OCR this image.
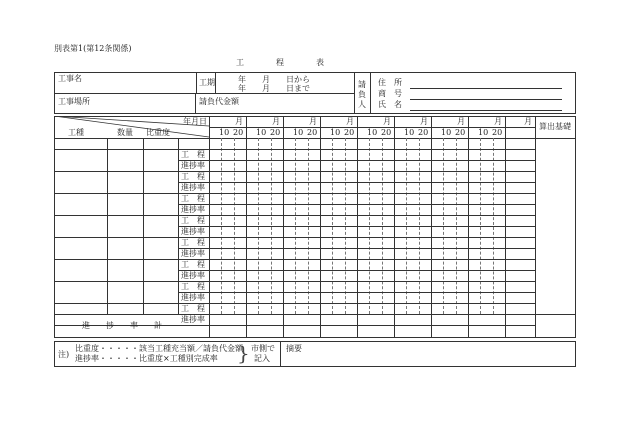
別表第1(第12条関係)
工　　　　程　　　　表
工事名
工事場所
工期	年　　月　　日から
年　　月　　日まで
請負代金額
請負人
住　所
商　号
氏　名
月
10 20
月
10 20
月
10 20
月
10 20
月
10 20
月
10 20
月
10 20
月
10 20
月
工　程
進捗率
工　程
進捗率
工　程
進捗率
工　程
進捗率
工　程
進捗率
工　程
進捗率
工　程
進捗率
工　程
進捗率
年月日
工種	数量 比重度
算出基礎
進　　捗　　率　　計
注)
比重度・・・・・該当工種充当額／請負代金額
進捗率・・・・・比重度×工種別完成率 } 市側で
記入
摘要
